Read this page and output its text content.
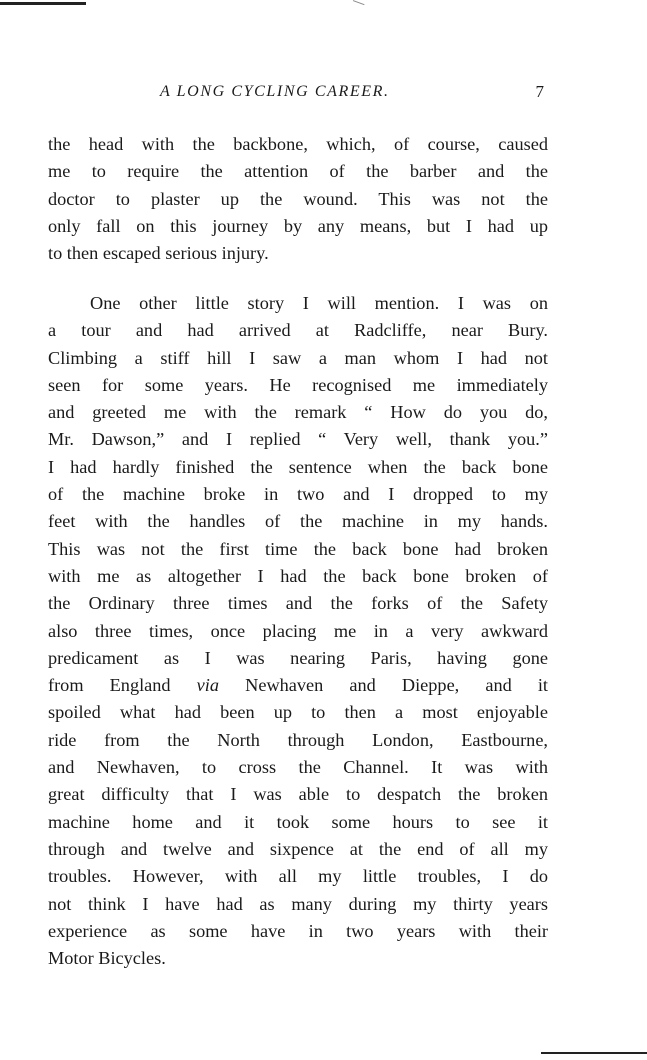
A LONG CYCLING CAREER.	7
the head with the backbone, which, of course, caused
me to require the attention of the barber and the
doctor to plaster up the wound. This was not the
only fall on this journey by any means, but I had up
to then escaped serious injury.
One other little story I will mention. I was on
a tour and had arrived at Radcliffe, near Bury.
Climbing a stiff hill I saw a man whom I had not
seen for some years. He recognised me immediately
and greeted me with the remark “ How do you do,
Mr. Dawson,” and I replied “ Very well, thank you.”
I had hardly finished the sentence when the back bone
of the machine broke in two and I dropped to my
feet with the handles of the machine in my hands.
This was not the first time the back bone had broken
with me as altogether I had the back bone broken of
the Ordinary three times and the forks of the Safety
also three times, once placing me in a very awkward
predicament as I was nearing Paris, having gone
from England via Newhaven and Dieppe, and it
spoiled what had been up to then a most enjoyable
ride from the North through London, Eastbourne,
and Newhaven, to cross the Channel. It was with
great difficulty that I was able to despatch the broken
machine home and it took some hours to see it
through and twelve and sixpence at the end of all my
troubles. However, with all my little troubles, I do
not think I have had as many during my thirty years
experience as some have in two years with their
Motor Bicycles.
